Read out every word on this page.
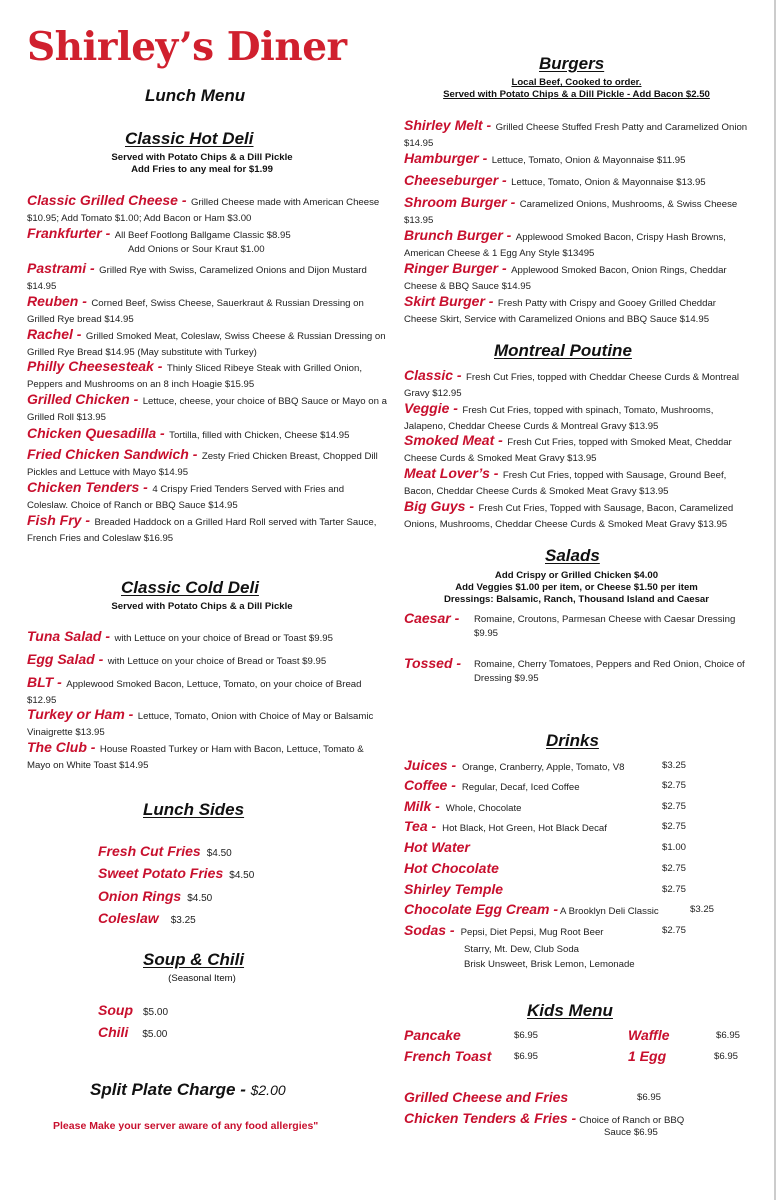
Shirley’s Diner
Lunch Menu
Classic Hot Deli
Served with Potato Chips & a Dill Pickle
Add Fries to any meal for $1.99
Classic Grilled Cheese - Grilled Cheese made with American Cheese $10.95; Add Tomato $1.00; Add Bacon or Ham $3.00
Frankfurter - All Beef Footlong Ballgame Classic $8.95
Add Onions or Sour Kraut $1.00
Pastrami - Grilled Rye with Swiss, Caramelized Onions and Dijon Mustard $14.95
Reuben - Corned Beef, Swiss Cheese, Sauerkraut & Russian Dressing on Grilled Rye bread $14.95
Rachel - Grilled Smoked Meat, Coleslaw, Swiss Cheese & Russian Dressing on Grilled Rye Bread $14.95 (May substitute with Turkey)
Philly Cheesesteak - Thinly Sliced Ribeye Steak with Grilled Onion, Peppers and Mushrooms on an 8 inch Hoagie $15.95
Grilled Chicken - Lettuce, cheese, your choice of BBQ Sauce or Mayo on a Grilled Roll $13.95
Chicken Quesadilla - Tortilla, filled with Chicken, Cheese $14.95
Fried Chicken Sandwich - Zesty Fried Chicken Breast, Chopped Dill Pickles and Lettuce with Mayo $14.95
Chicken Tenders - 4 Crispy Fried Tenders Served with Fries and Coleslaw. Choice of Ranch or BBQ Sauce $14.95
Fish Fry - Breaded Haddock on a Grilled Hard Roll served with Tarter Sauce, French Fries and Coleslaw $16.95
Classic Cold Deli
Served with Potato Chips & a Dill Pickle
Tuna Salad - with Lettuce on your choice of Bread or Toast $9.95
Egg Salad - with Lettuce on your choice of Bread or Toast $9.95
BLT - Applewood Smoked Bacon, Lettuce, Tomato, on your choice of Bread $12.95
Turkey or Ham - Lettuce, Tomato, Onion with Choice of May or Balsamic Vinaigrette $13.95
The Club - House Roasted Turkey or Ham with Bacon, Lettuce, Tomato & Mayo on White Toast $14.95
Lunch Sides
Fresh Cut Fries $4.50
Sweet Potato Fries $4.50
Onion Rings $4.50
Coleslaw $3.25
Soup & Chili
(Seasonal Item)
Soup $5.00
Chili $5.00
Split Plate Charge - $2.00
Please Make your server aware of any food allergies"
Burgers
Local Beef, Cooked to order.
Served with Potato Chips & a Dill Pickle - Add Bacon $2.50
Shirley Melt - Grilled Cheese Stuffed Fresh Patty and Caramelized Onion $14.95
Hamburger - Lettuce, Tomato, Onion & Mayonnaise $11.95
Cheeseburger - Lettuce, Tomato, Onion & Mayonnaise $13.95
Shroom Burger - Caramelized Onions, Mushrooms, & Swiss Cheese $13.95
Brunch Burger - Applewood Smoked Bacon, Crispy Hash Browns, American Cheese & 1 Egg Any Style $13495
Ringer Burger - Applewood Smoked Bacon, Onion Rings, Cheddar Cheese & BBQ Sauce $14.95
Skirt Burger - Fresh Patty with Crispy and Gooey Grilled Cheddar Cheese Skirt, Service with Caramelized Onions and BBQ Sauce $14.95
Montreal Poutine
Classic - Fresh Cut Fries, topped with Cheddar Cheese Curds & Montreal Gravy $12.95
Veggie - Fresh Cut Fries, topped with spinach, Tomato, Mushrooms, Jalapeno, Cheddar Cheese Curds & Montreal Gravy $13.95
Smoked Meat - Fresh Cut Fries, topped with Smoked Meat, Cheddar Cheese Curds & Smoked Meat Gravy $13.95
Meat Lover’s - Fresh Cut Fries, topped with Sausage, Ground Beef, Bacon, Cheddar Cheese Curds & Smoked Meat Gravy $13.95
Big Guys - Fresh Cut Fries, Topped with Sausage, Bacon, Caramelized Onions, Mushrooms, Cheddar Cheese Curds & Smoked Meat Gravy $13.95
Salads
Add Crispy or Grilled Chicken $4.00
Add Veggies $1.00 per item, or Cheese $1.50 per item
Dressings: Balsamic, Ranch, Thousand Island and Caesar
Caesar - Romaine, Croutons, Parmesan Cheese with Caesar Dressing $9.95
Tossed - Romaine, Cherry Tomatoes, Peppers and Red Onion, Choice of Dressing $9.95
Drinks
Juices - Orange, Cranberry, Apple, Tomato, V8	$3.25
Coffee - Regular, Decaf, Iced Coffee	$2.75
Milk - Whole, Chocolate	$2.75
Tea - Hot Black, Hot Green, Hot Black Decaf	$2.75
Hot Water	$1.00
Hot Chocolate	$2.75
Shirley Temple	$2.75
Chocolate Egg Cream - A Brooklyn Deli Classic	$3.25
Sodas - Pepsi, Diet Pepsi, Mug Root Beer	$2.75
Starry, Mt. Dew, Club Soda
Brisk Unsweet, Brisk Lemon, Lemonade
Kids Menu
Pancake	$6.95	Waffle	$6.95
French Toast $6.95	1 Egg	$6.95
Grilled Cheese and Fries	$6.95
Chicken Tenders & Fries - Choice of Ranch or BBQ
Sauce $6.95
